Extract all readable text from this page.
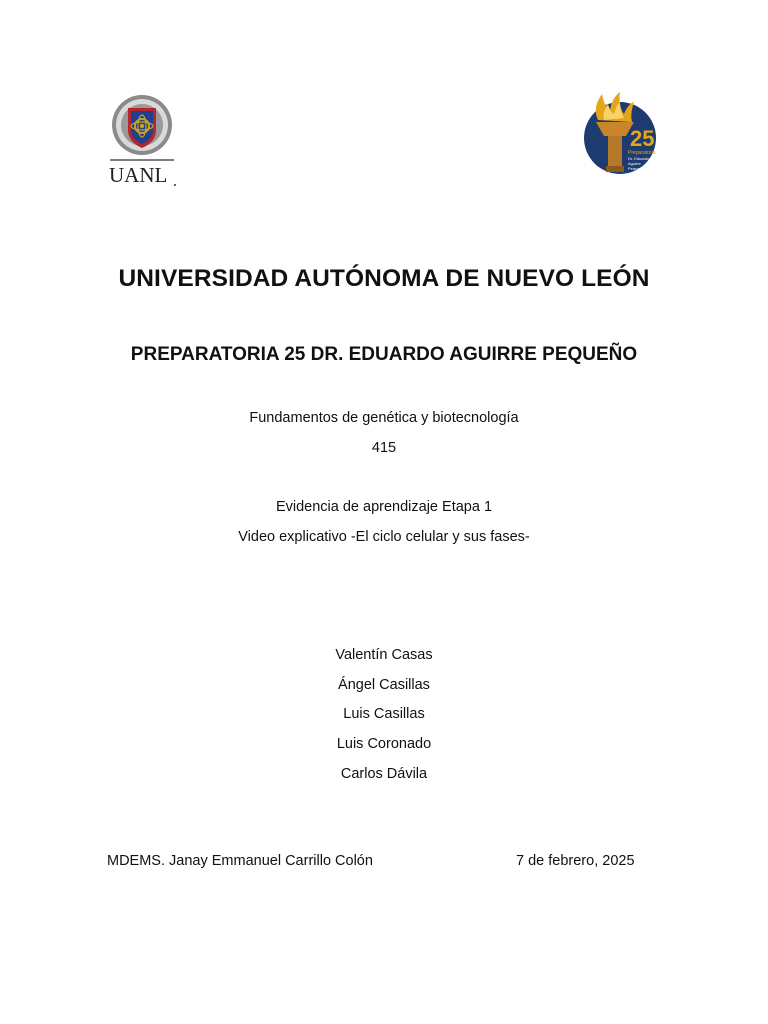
UANL
25
Preparatoria
Dr. Eduardo
Aguirre
Pequeño
UNIVERSIDAD AUTÓNOMA DE NUEVO LEÓN
PREPARATORIA 25 DR. EDUARDO AGUIRRE PEQUEÑO
Fundamentos de genética y biotecnología
415
Evidencia de aprendizaje Etapa 1
Video explicativo -El ciclo celular y sus fases-
Valentín Casas
Ángel Casillas
Luis Casillas
Luis Coronado
Carlos Dávila
MDEMS. Janay Emmanuel Carrillo Colón	7 de febrero, 2025
